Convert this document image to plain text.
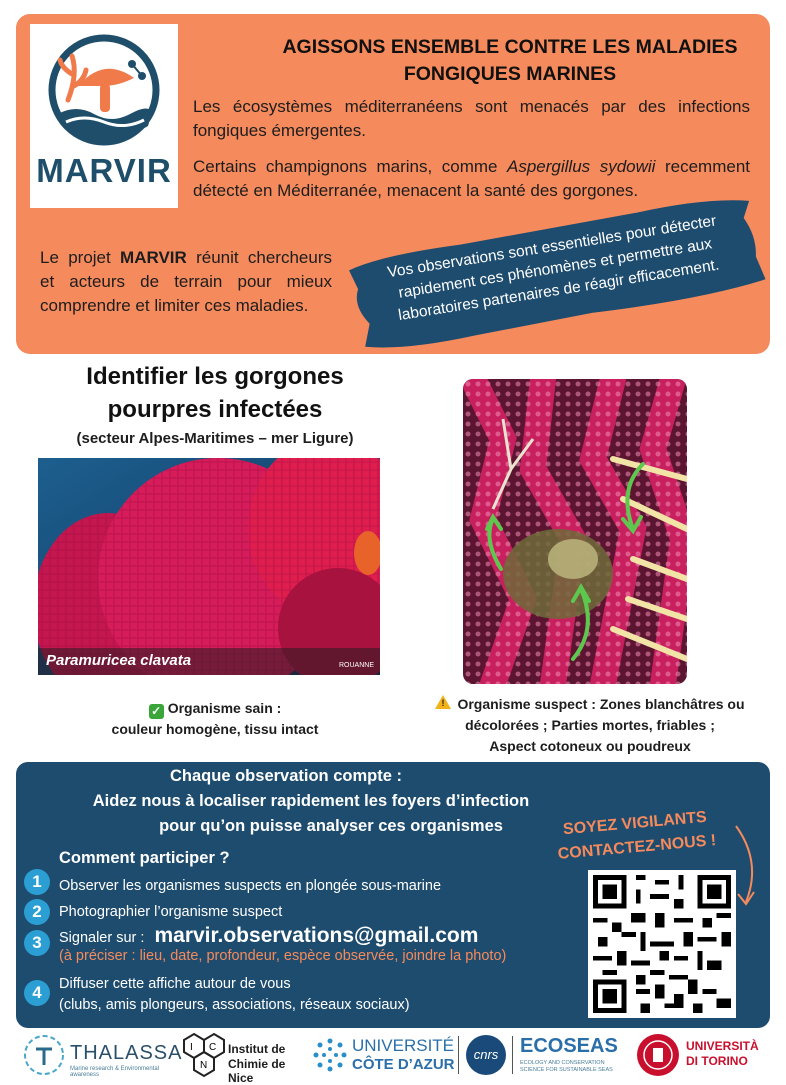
MARVIR
AGISSONS ENSEMBLE CONTRE LES MALADIES
FONGIQUES MARINES
Les écosystèmes méditerranéens sont menacés par des infections fongiques émergentes.
Certains champignons marins, comme Aspergillus sydowii recemment détecté en Méditerranée, menacent la santé des gorgones.
Le projet MARVIR réunit chercheurs et acteurs de terrain pour mieux comprendre et limiter ces maladies.
Vos observations sont essentielles pour détecter rapidement ces phénomènes et permettre aux laboratoires partenaires de réagir efficacement.
Identifier les gorgones
pourpres infectées
(secteur Alpes-Maritimes – mer Ligure)
Paramuricea clavata	ROUANNE
✓ Organisme sain :
couleur homogène, tissu intact
! Organisme suspect : Zones blanchâtres ou
décolorées ; Parties mortes, friables ;
Aspect cotoneux ou poudreux
Chaque observation compte :
Aidez nous à localiser rapidement les foyers d’infection
pour qu’on puisse analyser ces organismes	SOYEZ VIGILANTS
CONTACTEZ-NOUS !
Comment participer ?
1	Observer les organismes suspects en plongée sous-marine
2	Photographier l’organisme suspect
3	Signaler sur : marvir.observations@gmail.com
(à préciser : lieu, date, profondeur, espèce observée, joindre la photo)
4	Diffuser cette affiche autour de vous
(clubs, amis plongeurs, associations, réseaux sociaux)
THALASSA
Marine research & Environmental awareness
I C
N
Institut de
Chimie de Nice
UNIVERSITÉ
CÔTE D’AZUR
cnrs	ECOSEAS
ECOLOGY AND CONSERVATION SCIENCE FOR SUSTAINABLE SEAS
UNIVERSITÀ
DI TORINO
